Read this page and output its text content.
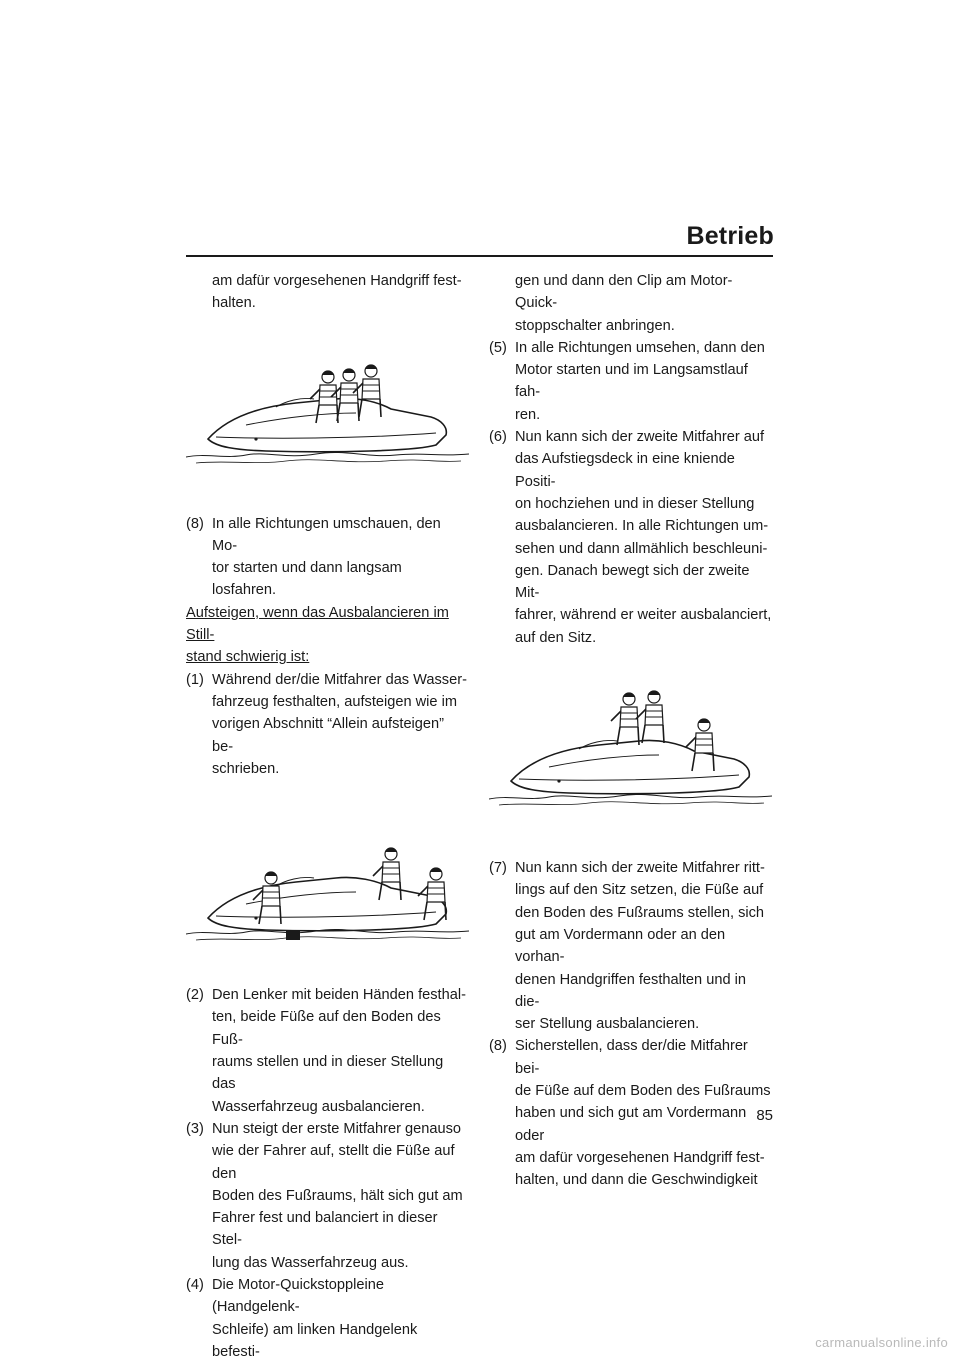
Betrieb

am dafür vorgesehenen Handgriff fest-
halten.

(8) In alle Richtungen umschauen, den Mo-
tor starten und dann langsam losfahren.

Aufsteigen, wenn das Ausbalancieren im Still-
stand schwierig ist:

(1) Während der/die Mitfahrer das Wasser-
fahrzeug festhalten, aufsteigen wie im
vorigen Abschnitt “Allein aufsteigen” be-
schrieben.
(2) Den Lenker mit beiden Händen festhal-
ten, beide Füße auf den Boden des Fuß-
raums stellen und in dieser Stellung das
Wasserfahrzeug ausbalancieren.
(3) Nun steigt der erste Mitfahrer genauso
wie der Fahrer auf, stellt die Füße auf den
Boden des Fußraums, hält sich gut am
Fahrer fest und balanciert in dieser Stel-
lung das Wasserfahrzeug aus.
(4) Die Motor-Quickstoppleine (Handgelenk-
Schleife) am linken Handgelenk befesti-

gen und dann den Clip am Motor-Quick-
stoppschalter anbringen.

(5) In alle Richtungen umsehen, dann den
Motor starten und im Langsamstlauf fah-
ren.
(6) Nun kann sich der zweite Mitfahrer auf
das Aufstiegsdeck in eine kniende Positi-
on hochziehen und in dieser Stellung
ausbalancieren. In alle Richtungen um-
sehen und dann allmählich beschleuni-
gen. Danach bewegt sich der zweite Mit-
fahrer, während er weiter ausbalanciert,
auf den Sitz.
(7) Nun kann sich der zweite Mitfahrer ritt-
lings auf den Sitz setzen, die Füße auf
den Boden des Fußraums stellen, sich
gut am Vordermann oder an den vorhan-
denen Handgriffen festhalten und in die-
ser Stellung ausbalancieren.
(8) Sicherstellen, dass der/die Mitfahrer bei-
de Füße auf dem Boden des Fußraums
haben und sich gut am Vordermann oder
am dafür vorgesehenen Handgriff fest-
halten, und dann die Geschwindigkeit
85
carmanualsonline.info
